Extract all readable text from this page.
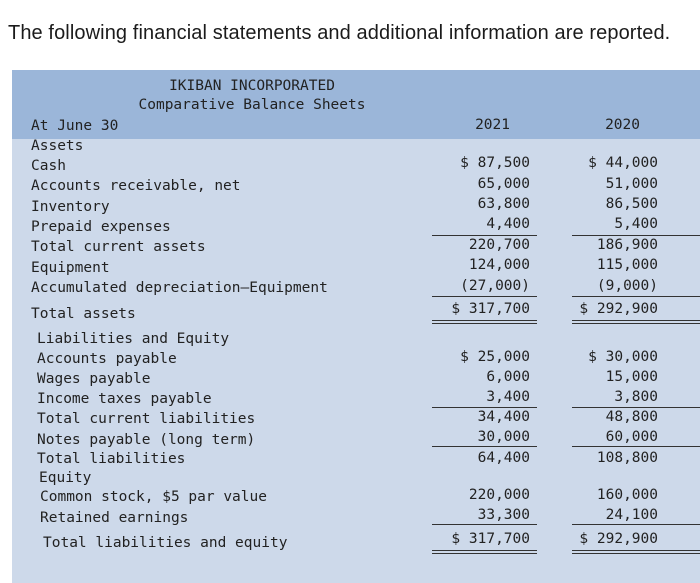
The following financial statements and additional information are reported.
IKIBAN INCORPORATED
Comparative Balance Sheets
At June 30	2021	2020
Assets
Cash	$ 87,500	$ 44,000
Accounts receivable, net	65,000	51,000
Inventory	63,800	86,500
Prepaid expenses	4,400	5,400
Total current assets	220,700	186,900
Equipment	124,000	115,000
Accumulated depreciation—Equipment	(27,000)	(9,000)
Total assets	$ 317,700	$ 292,900
Liabilities and Equity
Accounts payable	$ 25,000	$ 30,000
Wages payable	6,000	15,000
Income taxes payable	3,400	3,800
Total current liabilities	34,400	48,800
Notes payable (long term)	30,000	60,000
Total liabilities	64,400	108,800
Equity
Common stock, $5 par value	220,000	160,000
Retained earnings	33,300	24,100
Total liabilities and equity	$ 317,700	$ 292,900
